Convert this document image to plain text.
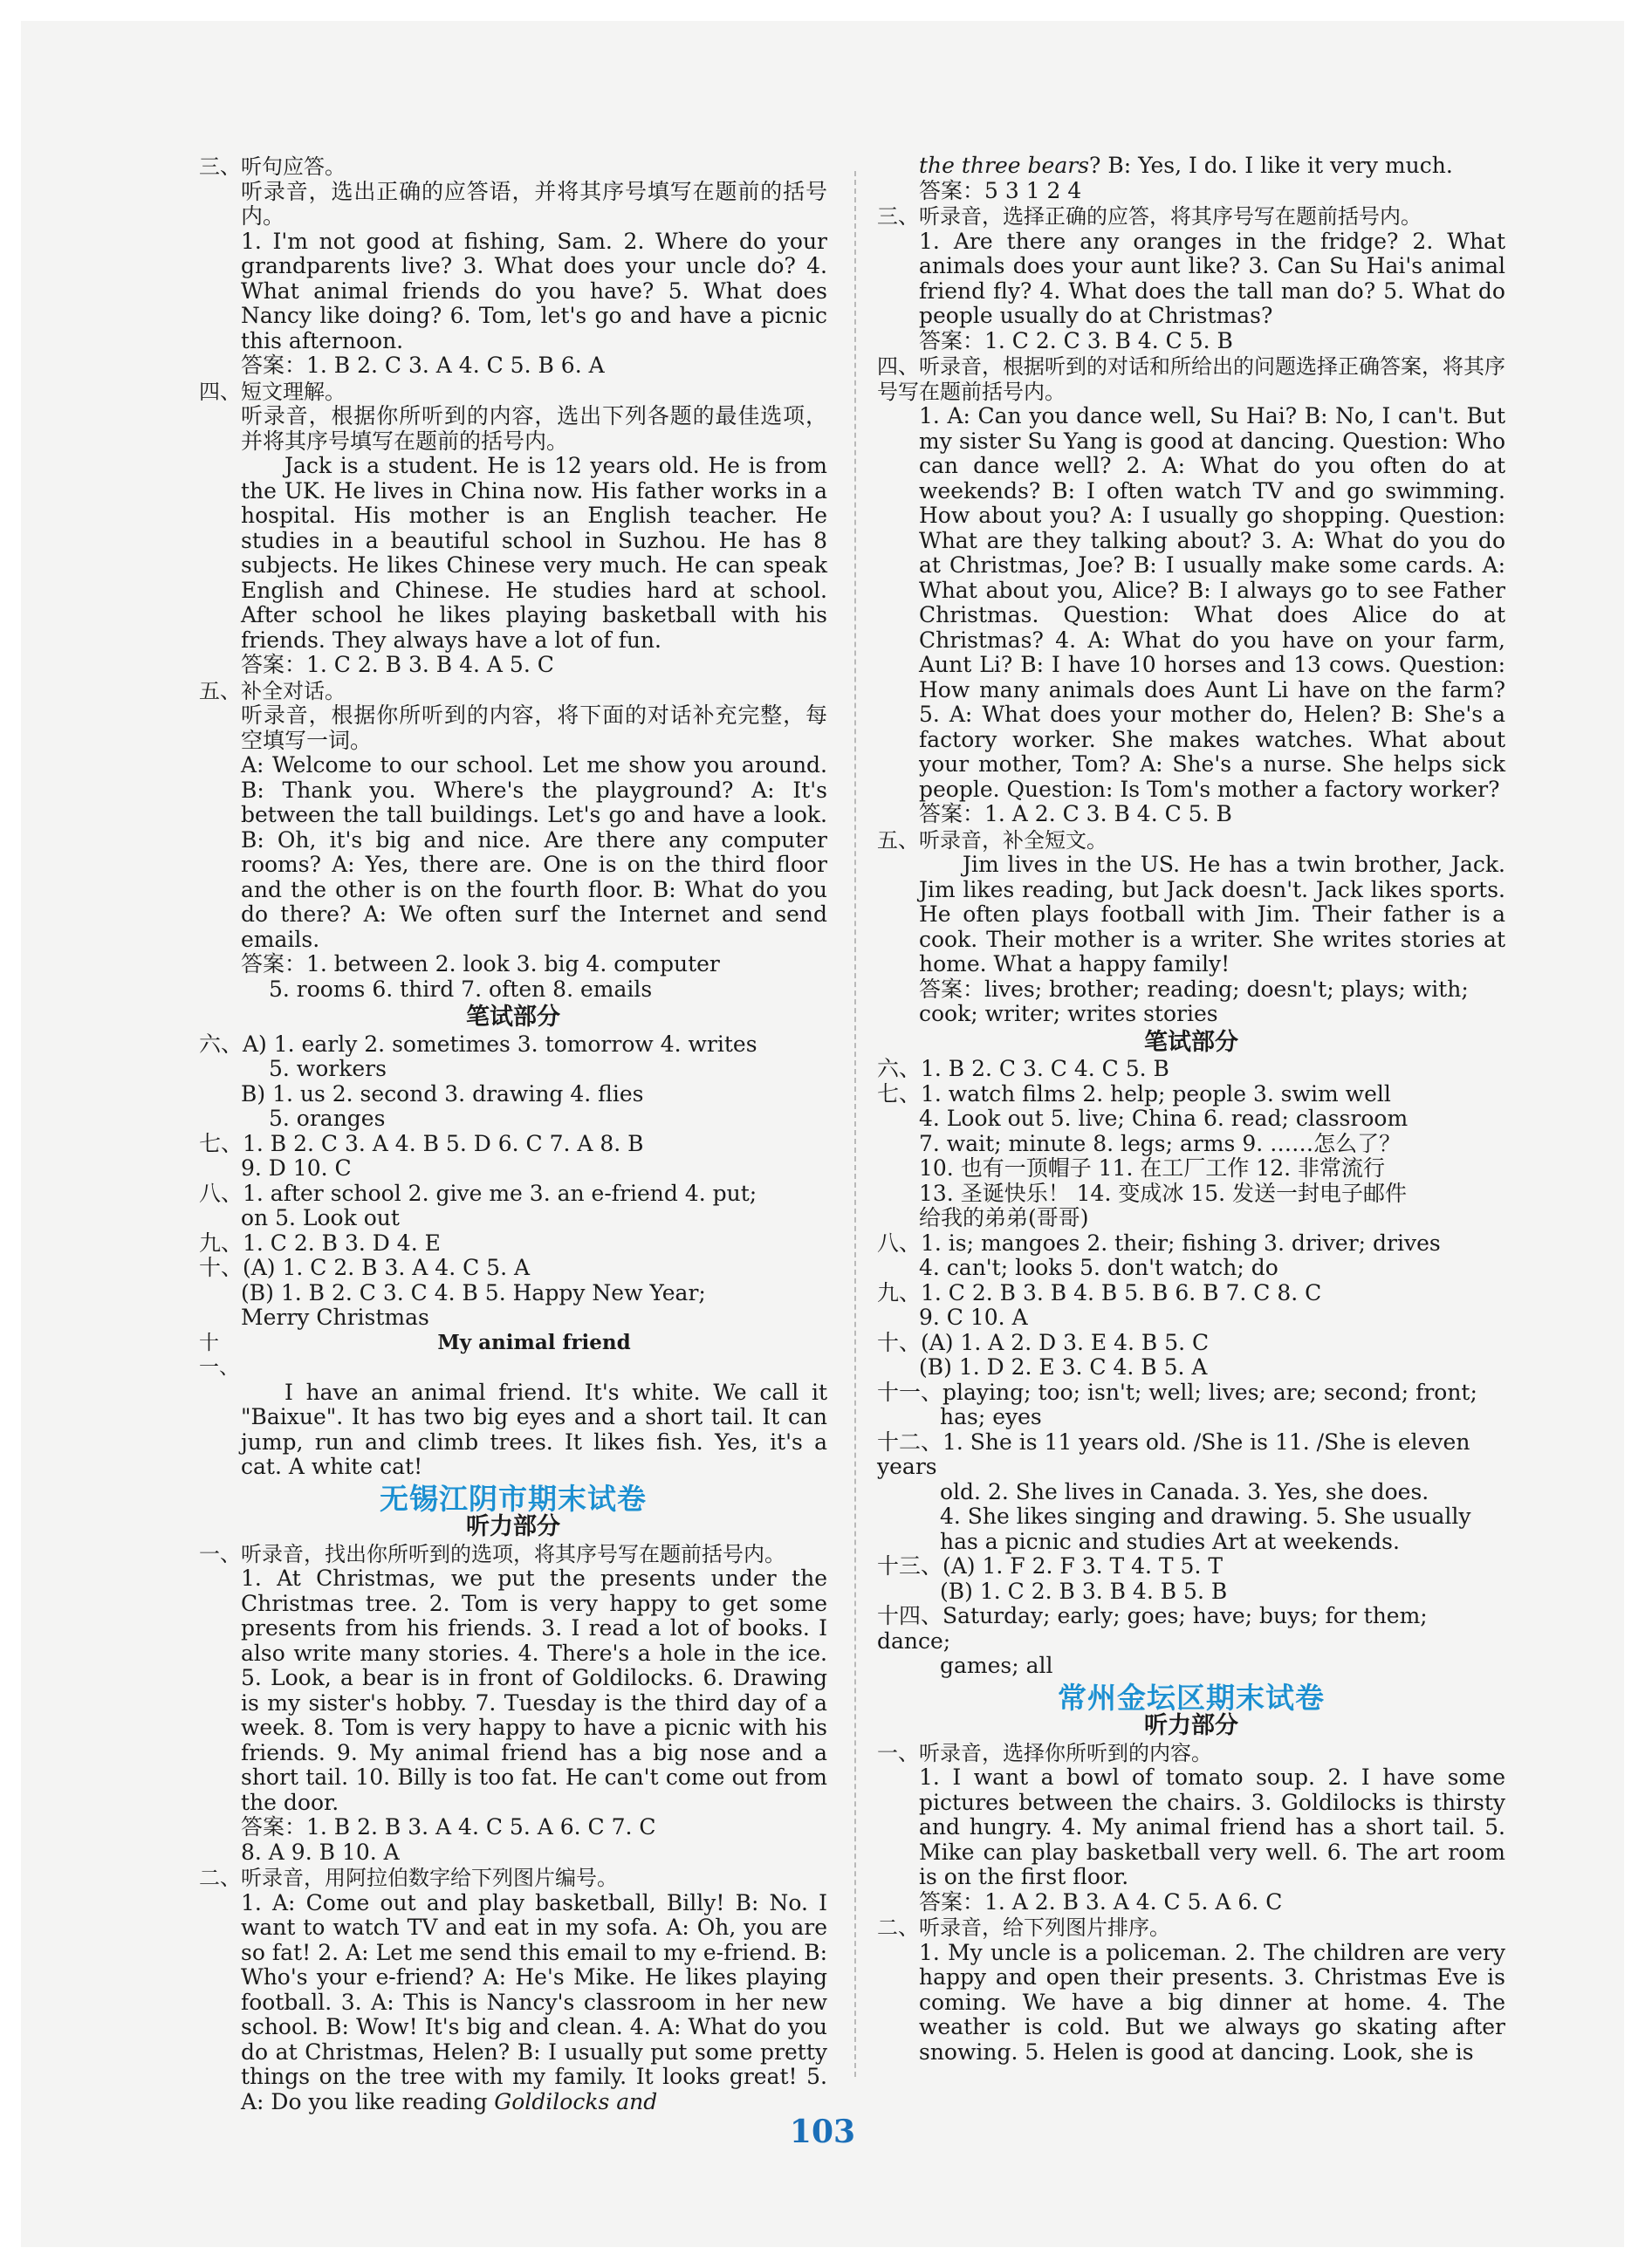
三、听句应答。
听录音，选出正确的应答语，并将其序号填写在题前的括号内。
1. I'm not good at fishing, Sam. 2. Where do your grandparents live? 3. What does your uncle do? 4. What animal friends do you have? 5. What does Nancy like doing? 6. Tom, let's go and have a picnic this afternoon.
答案：1. B 2. C 3. A 4. C 5. B 6. A
四、短文理解。
听录音，根据你所听到的内容，选出下列各题的最佳选项，并将其序号填写在题前的括号内。
Jack is a student. He is 12 years old. He is from the UK. He lives in China now. His father works in a hospital. His mother is an English teacher. He studies in a beautiful school in Suzhou. He has 8 subjects. He likes Chinese very much. He can speak English and Chinese. He studies hard at school. After school he likes playing basketball with his friends. They always have a lot of fun.
答案：1. C 2. B 3. B 4. A 5. C
五、补全对话。
听录音，根据你所听到的内容，将下面的对话补充完整，每空填写一词。
A: Welcome to our school. Let me show you around. B: Thank you. Where's the playground? A: It's between the tall buildings. Let's go and have a look. B: Oh, it's big and nice. Are there any computer rooms? A: Yes, there are. One is on the third floor and the other is on the fourth floor. B: What do you do there? A: We often surf the Internet and send emails.
答案：1. between 2. look 3. big 4. computer
5. rooms 6. third 7. often 8. emails
笔试部分
六、A) 1. early 2. sometimes 3. tomorrow 4. writes
5. workers
B) 1. us 2. second 3. drawing 4. flies
5. oranges
七、1. B 2. C 3. A 4. B 5. D 6. C 7. A 8. B
9. D 10. C
八、1. after school 2. give me 3. an e-friend 4. put;
on 5. Look out
九、1. C 2. B 3. D 4. E
十、(A) 1. C 2. B 3. A 4. C 5. A
(B) 1. B 2. C 3. C 4. B 5. Happy New Year;
Merry Christmas
十一、
My animal friend
I have an animal friend. It's white. We call it "Baixue". It has two big eyes and a short tail. It can jump, run and climb trees. It likes fish. Yes, it's a cat. A white cat!
无锡江阴市期末试卷
听力部分
一、听录音，找出你所听到的选项，将其序号写在题前括号内。
1. At Christmas, we put the presents under the Christmas tree. 2. Tom is very happy to get some presents from his friends. 3. I read a lot of books. I also write many stories. 4. There's a hole in the ice. 5. Look, a bear is in front of Goldilocks. 6. Drawing is my sister's hobby. 7. Tuesday is the third day of a week. 8. Tom is very happy to have a picnic with his friends. 9. My animal friend has a big nose and a short tail. 10. Billy is too fat. He can't come out from the door.
答案：1. B 2. B 3. A 4. C 5. A 6. C 7. C
8. A 9. B 10. A
二、听录音，用阿拉伯数字给下列图片编号。
1. A: Come out and play basketball, Billy! B: No. I want to watch TV and eat in my sofa. A: Oh, you are so fat! 2. A: Let me send this email to my e-friend. B: Who's your e-friend? A: He's Mike. He likes playing football. 3. A: This is Nancy's classroom in her new school. B: Wow! It's big and clean. 4. A: What do you do at Christmas, Helen? B: I usually put some pretty things on the tree with my family. It looks great! 5. A: Do you like reading Goldilocks and
the three bears? B: Yes, I do. I like it very much.
答案：5 3 1 2 4
三、听录音，选择正确的应答，将其序号写在题前括号内。
1. Are there any oranges in the fridge? 2. What animals does your aunt like? 3. Can Su Hai's animal friend fly? 4. What does the tall man do? 5. What do people usually do at Christmas?
答案：1. C 2. C 3. B 4. C 5. B
四、听录音，根据听到的对话和所给出的问题选择正确答案，将其序号写在题前括号内。
1. A: Can you dance well, Su Hai? B: No, I can't. But my sister Su Yang is good at dancing. Question: Who can dance well? 2. A: What do you often do at weekends? B: I often watch TV and go swimming. How about you? A: I usually go shopping. Question: What are they talking about? 3. A: What do you do at Christmas, Joe? B: I usually make some cards. A: What about you, Alice? B: I always go to see Father Christmas. Question: What does Alice do at Christmas? 4. A: What do you have on your farm, Aunt Li? B: I have 10 horses and 13 cows. Question: How many animals does Aunt Li have on the farm? 5. A: What does your mother do, Helen? B: She's a factory worker. She makes watches. What about your mother, Tom? A: She's a nurse. She helps sick people. Question: Is Tom's mother a factory worker?
答案：1. A 2. C 3. B 4. C 5. B
五、听录音，补全短文。
Jim lives in the US. He has a twin brother, Jack. Jim likes reading, but Jack doesn't. Jack likes sports. He often plays football with Jim. Their father is a cook. Their mother is a writer. She writes stories at home. What a happy family!
答案：lives; brother; reading; doesn't; plays; with;
cook; writer; writes stories
笔试部分
六、1. B 2. C 3. C 4. C 5. B
七、1. watch films 2. help; people 3. swim well
4. Look out 5. live; China 6. read; classroom
7. wait; minute 8. legs; arms 9. ……怎么了？
10. 也有一顶帽子 11. 在工厂工作 12. 非常流行
13. 圣诞快乐！ 14. 变成冰 15. 发送一封电子邮件
给我的弟弟(哥哥)
八、1. is; mangoes 2. their; fishing 3. driver; drives
4. can't; looks 5. don't watch; do
九、1. C 2. B 3. B 4. B 5. B 6. B 7. C 8. C
9. C 10. A
十、(A) 1. A 2. D 3. E 4. B 5. C
(B) 1. D 2. E 3. C 4. B 5. A
十一、playing; too; isn't; well; lives; are; second; front;
has; eyes
十二、1. She is 11 years old. /She is 11. /She is eleven years
old. 2. She lives in Canada. 3. Yes, she does.
4. She likes singing and drawing. 5. She usually
has a picnic and studies Art at weekends.
十三、(A) 1. F 2. F 3. T 4. T 5. T
(B) 1. C 2. B 3. B 4. B 5. B
十四、Saturday; early; goes; have; buys; for them; dance;
games; all
常州金坛区期末试卷
听力部分
一、听录音，选择你所听到的内容。
1. I want a bowl of tomato soup. 2. I have some pictures between the chairs. 3. Goldilocks is thirsty and hungry. 4. My animal friend has a short tail. 5. Mike can play basketball very well. 6. The art room is on the first floor.
答案：1. A 2. B 3. A 4. C 5. A 6. C
二、听录音，给下列图片排序。
1. My uncle is a policeman. 2. The children are very happy and open their presents. 3. Christmas Eve is coming. We have a big dinner at home. 4. The weather is cold. But we always go skating after snowing. 5. Helen is good at dancing. Look, she is
103
